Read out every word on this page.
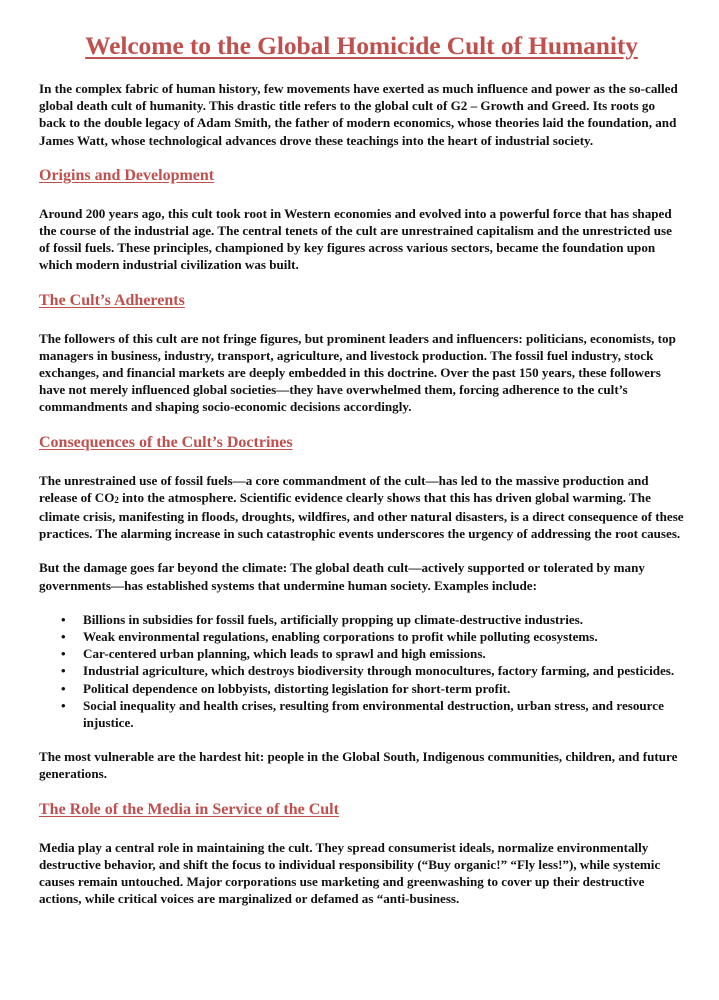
Welcome to the Global Homicide Cult of Humanity

In the complex fabric of human history, few movements have exerted as much influence and power as the so-called global death cult of humanity. This drastic title refers to the global cult of G2 – Growth and Greed. Its roots go back to the double legacy of Adam Smith, the father of modern economics, whose theories laid the foundation, and James Watt, whose technological advances drove these teachings into the heart of industrial society.

Origins and Development

Around 200 years ago, this cult took root in Western economies and evolved into a powerful force that has shaped the course of the industrial age. The central tenets of the cult are unrestrained capitalism and the unrestricted use of fossil fuels. These principles, championed by key figures across various sectors, became the foundation upon which modern industrial civilization was built.

The Cult’s Adherents

The followers of this cult are not fringe figures, but prominent leaders and influencers: politicians, economists, top managers in business, industry, transport, agriculture, and livestock production. The fossil fuel industry, stock exchanges, and financial markets are deeply embedded in this doctrine. Over the past 150 years, these followers have not merely influenced global societies—they have overwhelmed them, forcing adherence to the cult’s commandments and shaping socio-economic decisions accordingly.

Consequences of the Cult’s Doctrines

The unrestrained use of fossil fuels—a core commandment of the cult—has led to the massive production and release of $CO_2$ into the atmosphere. Scientific evidence clearly shows that this has driven global warming. The climate crisis, manifesting in floods, droughts, wildfires, and other natural disasters, is a direct consequence of these practices. The alarming increase in such catastrophic events underscores the urgency of addressing the root causes.

But the damage goes far beyond the climate: The global death cult—actively supported or tolerated by many governments—has established systems that undermine human society. Examples include:

• Billions in subsidies for fossil fuels, artificially propping up climate-destructive industries.
• Weak environmental regulations, enabling corporations to profit while polluting ecosystems.
• Car-centered urban planning, which leads to sprawl and high emissions.
• Industrial agriculture, which destroys biodiversity through monocultures, factory farming, and pesticides.
• Political dependence on lobbyists, distorting legislation for short-term profit.
• Social inequality and health crises, resulting from environmental destruction, urban stress, and resource injustice.

The most vulnerable are the hardest hit: people in the Global South, Indigenous communities, children, and future generations.

The Role of the Media in Service of the Cult

Media play a central role in maintaining the cult. They spread consumerist ideals, normalize environmentally destructive behavior, and shift the focus to individual responsibility (“Buy organic!” “Fly less!”), while systemic causes remain untouched. Major corporations use marketing and greenwashing to cover up their destructive actions, while critical voices are marginalized or defamed as “anti-business.
